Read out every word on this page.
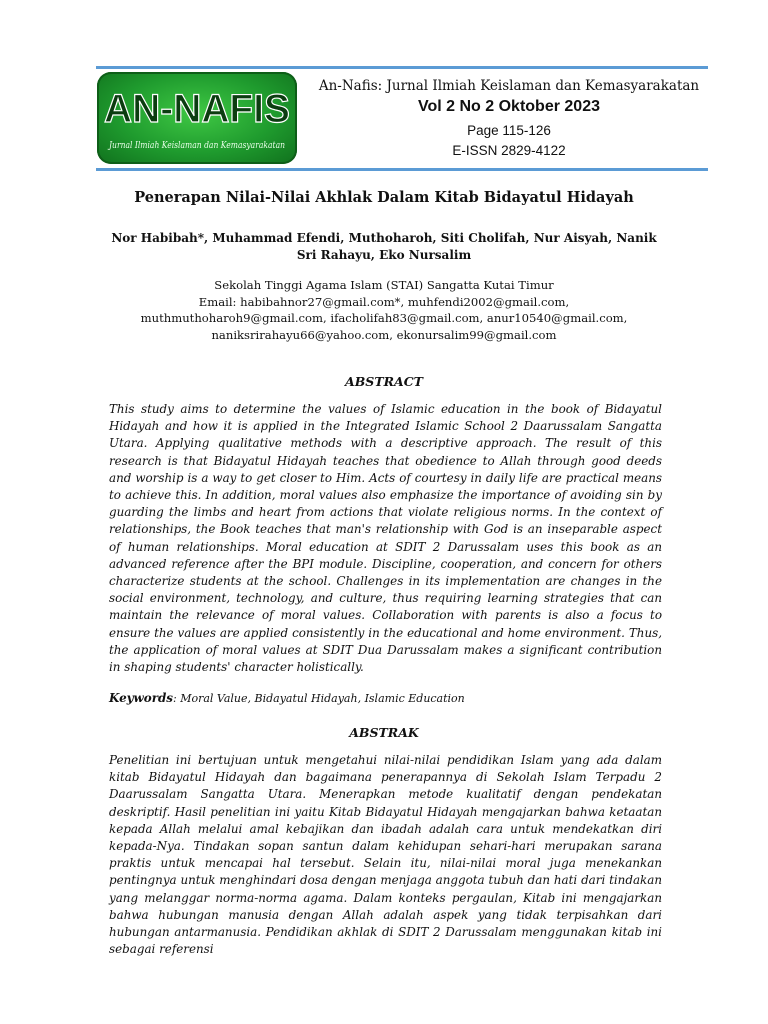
AN-NAFIS
Jurnal Ilmiah Keislaman dan Kemasyarakatan
An-Nafis: Jurnal Ilmiah Keislaman dan Kemasyarakatan
Vol 2 No 2 Oktober 2023
Page 115-126
E-ISSN 2829-4122
Penerapan Nilai-Nilai Akhlak Dalam Kitab Bidayatul Hidayah
Nor Habibah*, Muhammad Efendi, Muthoharoh, Siti Cholifah, Nur Aisyah, Nanik Sri Rahayu, Eko Nursalim
Sekolah Tinggi Agama Islam (STAI) Sangatta Kutai Timur
Email: habibahnor27@gmail.com*, muhfendi2002@gmail.com,
muthmuthoharoh9@gmail.com, ifacholifah83@gmail.com, anur10540@gmail.com,
naniksrirahayu66@yahoo.com, ekonursalim99@gmail.com
ABSTRACT

This study aims to determine the values of Islamic education in the book of Bidayatul Hidayah and how it is applied in the Integrated Islamic School 2 Daarussalam Sangatta Utara. Applying qualitative methods with a descriptive approach. The result of this research is that Bidayatul Hidayah teaches that obedience to Allah through good deeds and worship is a way to get closer to Him. Acts of courtesy in daily life are practical means to achieve this. In addition, moral values also emphasize the importance of avoiding sin by guarding the limbs and heart from actions that violate religious norms. In the context of relationships, the Book teaches that man's relationship with God is an inseparable aspect of human relationships. Moral education at SDIT 2 Darussalam uses this book as an advanced reference after the BPI module. Discipline, cooperation, and concern for others characterize students at the school. Challenges in its implementation are changes in the social environment, technology, and culture, thus requiring learning strategies that can maintain the relevance of moral values. Collaboration with parents is also a focus to ensure the values are applied consistently in the educational and home environment. Thus, the application of moral values at SDIT Dua Darussalam makes a significant contribution in shaping students' character holistically.

Keywords: Moral Value, Bidayatul Hidayah, Islamic Education
ABSTRAK

Penelitian ini bertujuan untuk mengetahui nilai-nilai pendidikan Islam yang ada dalam kitab Bidayatul Hidayah dan bagaimana penerapannya di Sekolah Islam Terpadu 2 Daarussalam Sangatta Utara. Menerapkan metode kualitatif dengan pendekatan deskriptif. Hasil penelitian ini yaitu Kitab Bidayatul Hidayah mengajarkan bahwa ketaatan kepada Allah melalui amal kebajikan dan ibadah adalah cara untuk mendekatkan diri kepada-Nya. Tindakan sopan santun dalam kehidupan sehari-hari merupakan sarana praktis untuk mencapai hal tersebut. Selain itu, nilai-nilai moral juga menekankan pentingnya untuk menghindari dosa dengan menjaga anggota tubuh dan hati dari tindakan yang melanggar norma-norma agama. Dalam konteks pergaulan, Kitab ini mengajarkan bahwa hubungan manusia dengan Allah adalah aspek yang tidak terpisahkan dari hubungan antarmanusia. Pendidikan akhlak di SDIT 2 Darussalam menggunakan kitab ini sebagai referensi
